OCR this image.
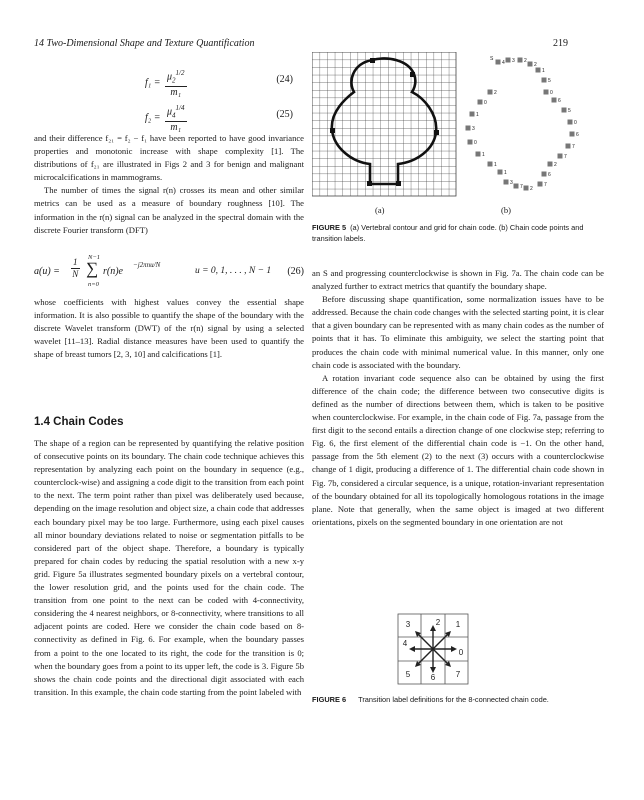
14 Two-Dimensional Shape and Texture Quantification	219
$f_1 = \frac{\mu_2^{1/2}}{\text{m₁}}$	(24)
$f_2 = \frac{\mu_4^{1/4}}{\text{m₁}}$	(25)

and their difference f₂₁ = f₂ − f₁ have been reported to have good invariance properties and monotonic increase with shape complexity [1]. The distributions of f₂₁ are illustrated in Figs 2 and 3 for benign and malignant microcalcifications in mammograms.

The number of times the signal r(n) crosses its mean and other similar metrics can be used as a measure of boundary roughness [10]. The information in the r(n) signal can be analyzed in the spectral domain with the discrete Fourier transform (DFT)

$a(u) = \frac{1}{N} N-1$
∑
n=0
r(n)e
−j2πnu/N
u = 0, 1, . . . , N − 1 (26)

whose coefficients with highest values convey the essential shape information. It is also possible to quantify the shape of the boundary with the discrete Wavelet transform (DWT) of the r(n) signal by using a selected wavelet [11–13]. Radial distance measures have been used to quantify the shape of breast tumors [2, 3, 10] and calcifications [1].

1.4 Chain Codes

The shape of a region can be represented by quantifying the relative position of consecutive points on its boundary. The chain code technique achieves this representation by analyzing each point on the boundary in sequence (e.g., counterclock-wise) and assigning a code digit to the transition from each point to the next. The term point rather than pixel was deliberately used because, depending on the image resolution and object size, a chain code that addresses each boundary pixel may be too large. Furthermore, using each pixel causes all minor boundary deviations related to noise or segmentation pitfalls to be considered part of the object shape. Therefore, a boundary is typically prepared for chain codes by reducing the spatial resolution with a new x-y grid. Figure 5a illustrates segmented boundary pixels on a vertebral contour, the lower resolution grid, and the points used for the chain code. The transition from one point to the next can be coded with 4-connectivity, considering the 4 nearest neighbors, or 8-connectivity, where transitions to all adjacent points are coded. Here we consider the chain code based on 8-connectivity as defined in Fig. 6. For example, when the boundary passes from a point to the one located to its right, the code for the transition is 0; when the boundary goes from a point to its upper left, the code is 3. Figure 5b shows the chain code points and the directional digit associated with each transition. In this example, the chain code starting from the point labeled with

(a)
4 3 2
2
1
5
0
6
5
0
6
7
7
2
6
7
2
7
3
1
1
1
0
3
1
0
2
S
(b)
FIGURE 5 (a) Vertebral contour and grid for chain code. (b) Chain code points and transition labels.

an S and progressing counterclockwise is shown in Fig. 7a. The chain code can be analyzed further to extract metrics that quantify the boundary shape.

Before discussing shape quantification, some normalization issues have to be addressed. Because the chain code changes with the selected starting point, it is clear that a given boundary can be represented with as many chain codes as the number of points that it has. To eliminate this ambiguity, we select the starting point that produces the chain code with minimal numerical value. In this manner, only one chain code is associated with the boundary.

A rotation invariant code sequence also can be obtained by using the first difference of the chain code; the difference between two consecutive digits is defined as the number of directions between them, which is taken to be positive when counterclockwise. For example, in the chain code of Fig. 7a, passage from the first digit to the second entails a direction change of one clockwise step; referring to Fig. 6, the first element of the differential chain code is −1. On the other hand, passage from the 5th element (2) to the next (3) occurs with a counterclockwise change of 1 digit, producing a difference of 1. The differential chain code shown in Fig. 7b, considered a circular sequence, is a unique, rotation-invariant representation of the boundary obtained for all its topologically homologous rotations in the image plane. Note that generally, when the same object is imaged at two different orientations, pixels on the segmented boundary in one orientation are not

3	2 1
4
0
5	6	7
FIGURE 6 Transition label definitions for the 8-connected chain code.
